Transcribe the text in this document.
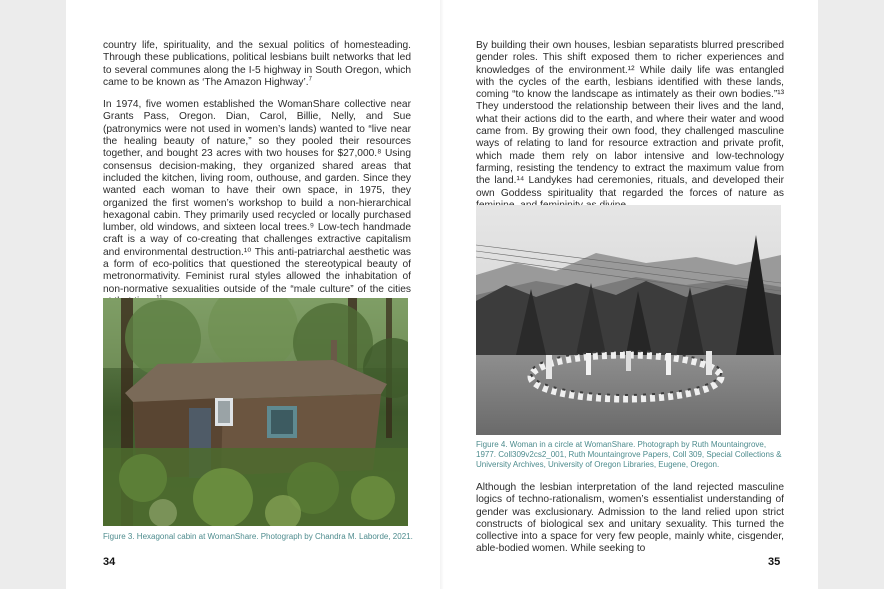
country life, spirituality, and the sexual politics of homesteading. Through these publications, political lesbians built networks that led to several communes along the I-5 highway in South Oregon, which came to be known as ‘The Amazon Highway’.$^7$

In 1974, five women established the WomanShare collective near Grants Pass, Oregon. Dian, Carol, Billie, Nelly, and Sue (patronymics were not used in women’s lands) wanted to “live near the healing beauty of nature,” so they pooled their resources together, and bought 23 acres with two houses for $27,000.⁸ Using consensus decision-making, they organized shared areas that included the kitchen, living room, outhouse, and garden. Since they wanted each woman to have their own space, in 1975, they organized the first women’s workshop to build a non-hierarchical hexagonal cabin. They primarily used recycled or locally purchased lumber, old windows, and sixteen local trees.⁹ Low-tech handmade craft is a way of co-creating that challenges extractive capitalism and environmental destruction.¹⁰ This anti-patriarchal aesthetic was a form of eco-politics that questioned the stereotypical beauty of metronormativity. Feminist rural styles allowed the inhabitation of non-normative sexualities outside of the “male culture” of the cities

Figure 3. Hexagonal cabin at WomanShare. Photograph by Chandra M. Laborde, 2021.
34

By building their own houses, lesbian separatists blurred prescribed gender roles. This shift exposed them to richer experiences and knowledges of the environment.¹² While daily life was entangled with the cycles of the earth, lesbians identified with these lands, coming “to know the landscape as intimately as their own bodies.”¹³ They understood the relationship between their lives and the land, what their actions did to the earth, and where their water and wood came from. By growing their own food, they challenged masculine ways of relating to land for resource extraction and private profit, which made them rely on labor intensive and low-technology farming, resisting the tendency to extract the maximum value from the land.¹⁴ Landykes had ceremonies, rituals, and developed their own Goddess spirituality that regarded the forces of nature as

Figure 4. Woman in a circle at WomanShare. Photograph by Ruth Mountaingrove, 1977. Coll309v2cs2_001, Ruth Mountaingrove Papers, Coll 309, Special Collections & University Archives, University of Oregon Libraries, Eugene, Oregon.

Although the lesbian interpretation of the land rejected masculine logics of techno-rationalism, women’s essentialist understanding of gender was exclusionary. Admission to the land relied upon strict constructs of biological sex and unitary sexuality. This turned the collective into a space for very few people, mainly white, cisgender, able-bodied women. While seeking to

35
